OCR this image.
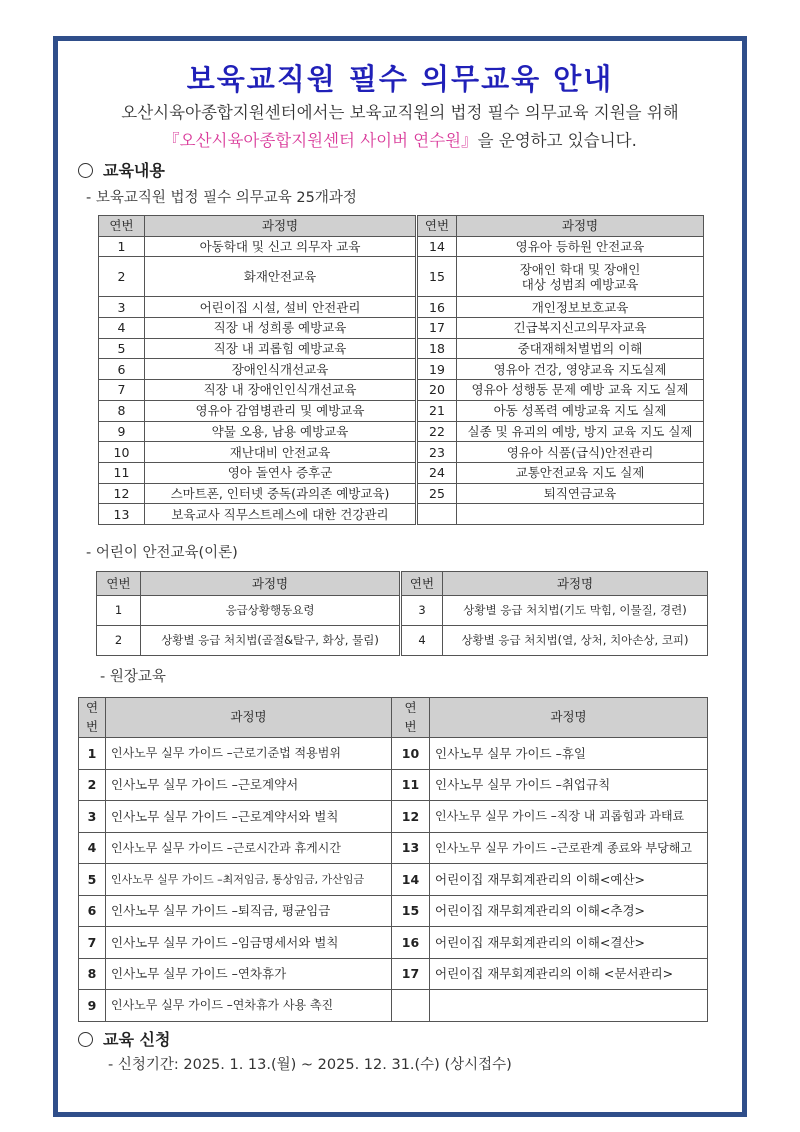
보육교직원 필수 의무교육 안내
오산시육아종합지원센터에서는 보육교직원의 법정 필수 의무교육 지원을 위해
『오산시육아종합지원센터 사이버 연수원』을 운영하고 있습니다.
교육내용
- 보육교직원 법정 필수 의무교육 25개과정
연번	과정명	연번	과정명
1	아동학대 및 신고 의무자 교육	14	영유아 등하원 안전교육
2	화재안전교육	15	장애인 학대 및 장애인
대상 성범죄 예방교육
3	어린이집 시설, 설비 안전관리	16	개인정보보호교육
4	직장 내 성희롱 예방교육	17	긴급복지신고의무자교육
5	직장 내 괴롭힘 예방교육	18	중대재해처벌법의 이해
6	장애인식개선교육	19	영유아 건강, 영양교육 지도실제
7	직장 내 장애인인식개선교육	20	영유아 성행동 문제 예방 교육 지도 실제
8	영유아 감염병관리 및 예방교육	21	아동 성폭력 예방교육 지도 실제
9	약물 오용, 남용 예방교육	22	실종 및 유괴의 예방, 방지 교육 지도 실제
10	재난대비 안전교육	23	영유아 식품(급식)안전관리
11	영아 돌연사 증후군	24	교통안전교육 지도 실제
12	스마트폰, 인터넷 중독(과의존 예방교육)	25	퇴직연금교육
13	보육교사 직무스트레스에 대한 건강관리		
- 어린이 안전교육(이론)
연번	과정명	연번	과정명
1	응급상황행동요령	3	상황별 응급 처치법(기도 막힘, 이물질, 경련)
2	상황별 응급 처치법(골절&탈구, 화상, 물림)	4	상황별 응급 처치법(열, 상처, 치아손상, 코피)
- 원장교육
연
번	과정명	연
번	과정명
1	인사노무 실무 가이드 –근로기준법 적용범위	10	인사노무 실무 가이드 –휴일
2	인사노무 실무 가이드 –근로계약서	11	인사노무 실무 가이드 –취업규칙
3	인사노무 실무 가이드 –근로계약서와 벌칙	12	인사노무 실무 가이드 –직장 내 괴롭힘과 과태료
4	인사노무 실무 가이드 –근로시간과 휴게시간	13	인사노무 실무 가이드 –근로관계 종료와 부당해고
5	인사노무 실무 가이드 –최저임금, 통상임금, 가산임금	14	어린이집 재무회계관리의 이해<예산>
6	인사노무 실무 가이드 –퇴직금, 평균임금	15	어린이집 재무회계관리의 이해<추경>
7	인사노무 실무 가이드 –임금명세서와 벌칙	16	어린이집 재무회계관리의 이해<결산>
8	인사노무 실무 가이드 –연차휴가	17	어린이집 재무회계관리의 이해 <문서관리>
9	인사노무 실무 가이드 –연차휴가 사용 촉진		
교육 신청
- 신청기간: 2025. 1. 13.(월) ~ 2025. 12. 31.(수) (상시접수)
